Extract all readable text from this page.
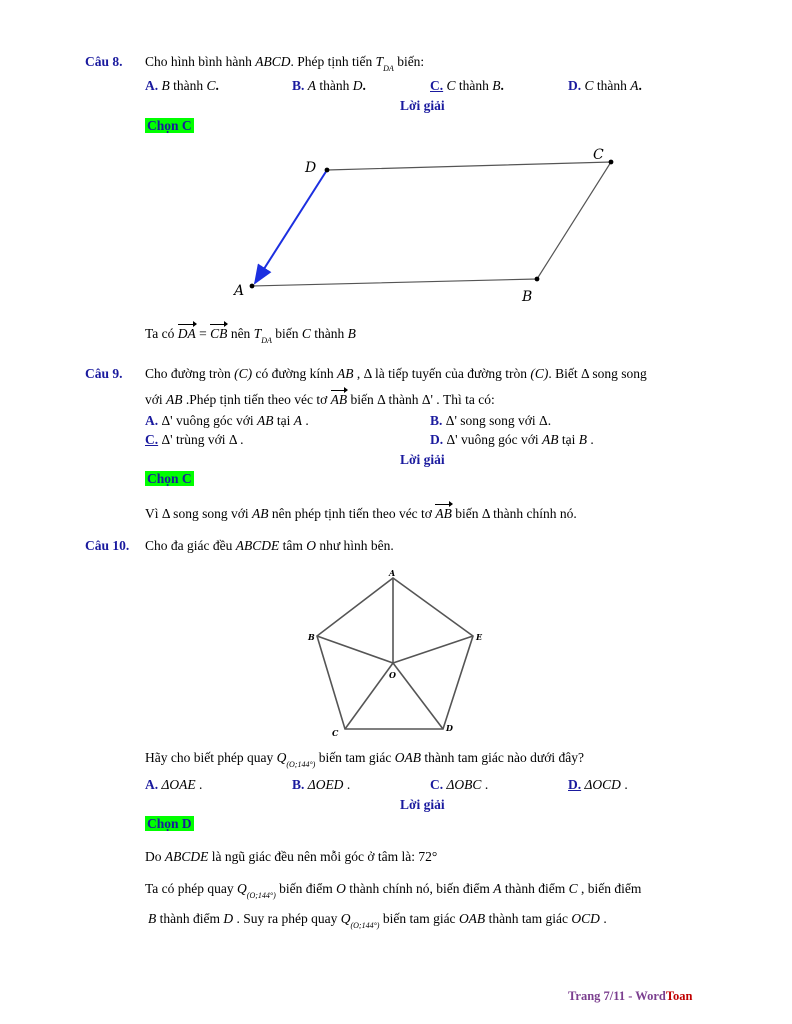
Câu 8. Cho hình bình hành ABCD. Phép tịnh tiến $T_{DA}$ biến:
A. B thành C.	B. A thành D.	C. C thành B.	D. C thành A.
Lời giải
Chọn C
D
C
A	B
Ta có DA = CB nên $T_{DA}$ biến C thành B
Câu 9. Cho đường tròn (C) có đường kính AB , Δ là tiếp tuyến của đường tròn (C). Biết Δ song song
với AB .Phép tịnh tiến theo véc tơ AB biến Δ thành Δ' . Thì ta có:
A. Δ' vuông góc với AB tại A .	B. Δ' song song với Δ.
C. Δ' trùng với Δ .	D. Δ' vuông góc với AB tại B .
Lời giải
Chọn C
Vì Δ song song với AB nên phép tịnh tiến theo véc tơ AB biến Δ thành chính nó.
Câu 10. Cho đa giác đều ABCDE tâm O như hình bên.
A
B	E
O
C	D
Hãy cho biết phép quay $Q_{(O;144^\circ)}$ biến tam giác OAB thành tam giác nào dưới đây?
A. ΔOAE .	B. ΔOED .	C. ΔOBC .	D. ΔOCD .
Lời giải
Chọn D
Do ABCDE là ngũ giác đều nên mỗi góc ở tâm là: 72°
Ta có phép quay $Q_{(O;144^\circ)}$ biến điểm O thành chính nó, biến điểm A thành điểm C , biến điểm
B thành điểm D . Suy ra phép quay $Q_{(O;144^\circ)}$ biến tam giác OAB thành tam giác OCD .
Trang 7/11 - WordToan
